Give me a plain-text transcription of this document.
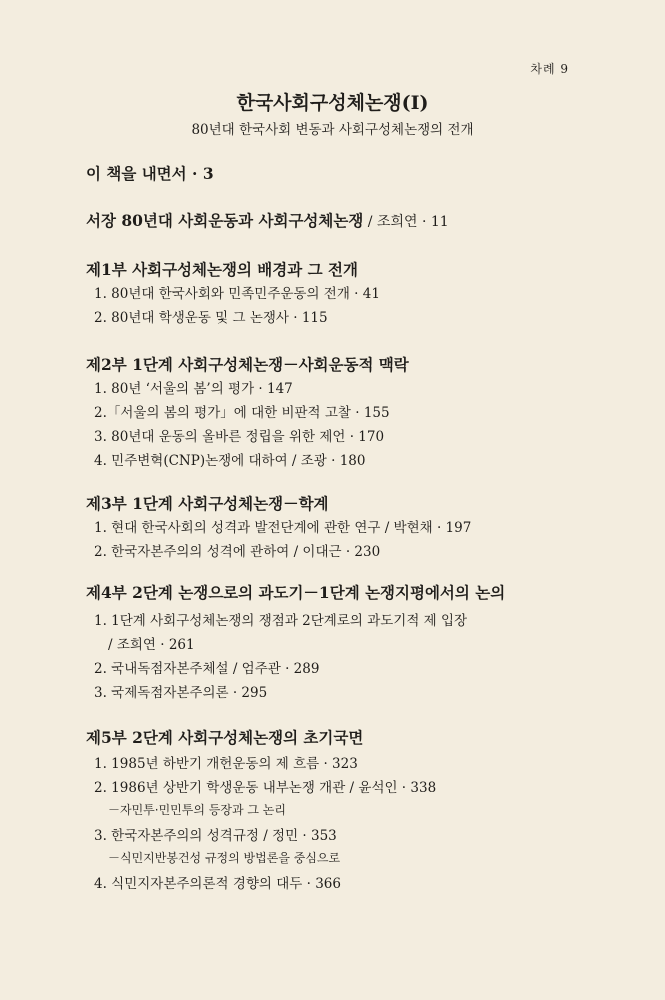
차례 9
한국사회구성체논쟁(Ⅰ)
80년대 한국사회 변동과 사회구성체논쟁의 전개
이 책을 내면서 · 3
서장 80년대 사회운동과 사회구성체논쟁 / 조희연 · 11
제1부 사회구성체논쟁의 배경과 그 전개
1. 80년대 한국사회와 민족민주운동의 전개 · 41
2. 80년대 학생운동 및 그 논쟁사 · 115
제2부 1단계 사회구성체논쟁－사회운동적 맥락
1. 80년 ‘서울의 봄’의 평가 · 147
2.「서울의 봄의 평가」에 대한 비판적 고찰 · 155
3. 80년대 운동의 올바른 정립을 위한 제언 · 170
4. 민주변혁(CNP)논쟁에 대하여 / 조광 · 180
제3부 1단계 사회구성체논쟁－학계
1. 현대 한국사회의 성격과 발전단계에 관한 연구 / 박현채 · 197
2. 한국자본주의의 성격에 관하여 / 이대근 · 230
제4부 2단계 논쟁으로의 과도기－1단계 논쟁지평에서의 논의
1. 1단계 사회구성체논쟁의 쟁점과 2단계로의 과도기적 제 입장
/ 조희연 · 261
2. 국내독점자본주체설 / 엄주관 · 289
3. 국제독점자본주의론 · 295
제5부 2단계 사회구성체논쟁의 초기국면
1. 1985년 하반기 개헌운동의 제 흐름 · 323
2. 1986년 상반기 학생운동 내부논쟁 개관 / 윤석인 · 338
－자민투·민민투의 등장과 그 논리
3. 한국자본주의의 성격규정 / 정민 · 353
－식민지반봉건성 규정의 방법론을 중심으로
4. 식민지자본주의론적 경향의 대두 · 366
